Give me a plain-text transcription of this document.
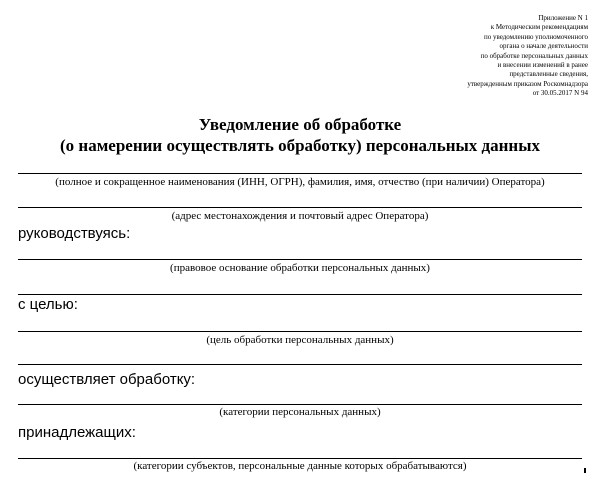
Приложение N 1
к Методическим рекомендациям
по уведомлению уполномоченного
органа о начале деятельности
по обработке персональных данных
и внесении изменений в ранее
представленные сведения,
утвержденным приказом Роскомнадзора
от 30.05.2017 N 94
Уведомление об обработке
(о намерении осуществлять обработку) персональных данных
(полное и сокращенное наименования (ИНН, ОГРН), фамилия, имя, отчество (при наличии) Оператора)
(адрес местонахождения и почтовый адрес Оператора)
руководствуясь:
(правовое основание обработки персональных данных)
с целью:
(цель обработки персональных данных)
осуществляет обработку:
(категории персональных данных)
принадлежащих:
(категории субъектов, персональные данные которых обрабатываются)
